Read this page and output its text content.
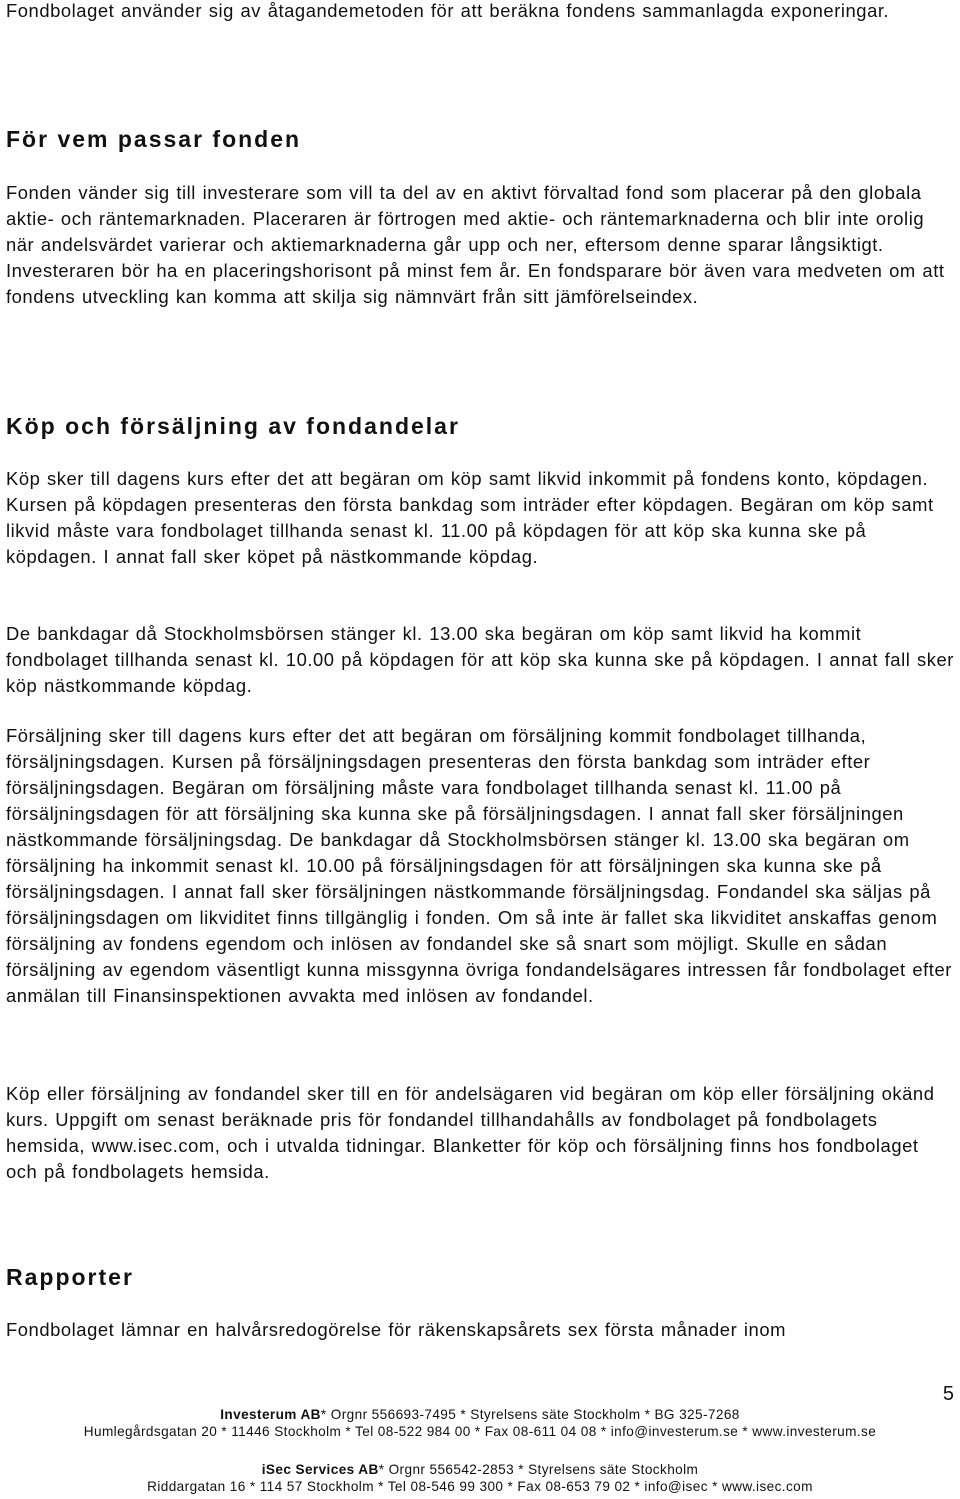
Fondbolaget använder sig av åtagandemetoden för att beräkna fondens sammanlagda exponeringar.

För vem passar fonden

Fonden vänder sig till investerare som vill ta del av en aktivt förvaltad fond som placerar på den globala aktie- och räntemarknaden. Placeraren är förtrogen med aktie- och räntemarknaderna och blir inte orolig när andelsvärdet varierar och aktiemarknaderna går upp och ner, eftersom denne sparar långsiktigt. Investeraren bör ha en placeringshorisont på minst fem år. En fondsparare bör även vara medveten om att fondens utveckling kan komma att skilja sig nämnvärt från sitt jämförelseindex.

Köp och försäljning av fondandelar

Köp sker till dagens kurs efter det att begäran om köp samt likvid inkommit på fondens konto, köpdagen. Kursen på köpdagen presenteras den första bankdag som inträder efter köpdagen. Begäran om köp samt likvid måste vara fondbolaget tillhanda senast kl. 11.00 på köpdagen för att köp ska kunna ske på köpdagen. I annat fall sker köpet på nästkommande köpdag.

De bankdagar då Stockholmsbörsen stänger kl. 13.00 ska begäran om köp samt likvid ha kommit fondbolaget tillhanda senast kl. 10.00 på köpdagen för att köp ska kunna ske på köpdagen. I annat fall sker köp nästkommande köpdag.

Försäljning sker till dagens kurs efter det att begäran om försäljning kommit fondbolaget tillhanda, försäljningsdagen. Kursen på försäljningsdagen presenteras den första bankdag som inträder efter försäljningsdagen. Begäran om försäljning måste vara fondbolaget tillhanda senast kl. 11.00 på försäljningsdagen för att försäljning ska kunna ske på försäljningsdagen. I annat fall sker försäljningen nästkommande försäljningsdag. De bankdagar då Stockholmsbörsen stänger kl. 13.00 ska begäran om försäljning ha inkommit senast kl. 10.00 på försäljningsdagen för att försäljningen ska kunna ske på försäljningsdagen. I annat fall sker försäljningen nästkommande försäljningsdag. Fondandel ska säljas på försäljningsdagen om likviditet finns tillgänglig i fonden. Om så inte är fallet ska likviditet anskaffas genom försäljning av fondens egendom och inlösen av fondandel ske så snart som möjligt. Skulle en sådan försäljning av egendom väsentligt kunna missgynna övriga fondandelsägares intressen får fondbolaget efter anmälan till Finansinspektionen avvakta med inlösen av fondandel.

Köp eller försäljning av fondandel sker till en för andelsägaren vid begäran om köp eller försäljning okänd kurs. Uppgift om senast beräknade pris för fondandel tillhandahålls av fondbolaget på fondbolagets hemsida, www.isec.com, och i utvalda tidningar. Blanketter för köp och försäljning finns hos fondbolaget och på fondbolagets hemsida.

Rapporter

Fondbolaget lämnar en halvårsredogörelse för räkenskapsårets sex första månader inom

5
Investerum AB* Orgnr 556693-7495 * Styrelsens säte Stockholm * BG 325-7268
Humlegårdsgatan 20 * 11446 Stockholm * Tel 08-522 984 00 * Fax 08-611 04 08 * info@investerum.se * www.investerum.se
iSec Services AB* Orgnr 556542-2853 * Styrelsens säte Stockholm
Riddargatan 16 * 114 57 Stockholm * Tel 08-546 99 300 * Fax 08-653 79 02 * info@isec * www.isec.com
